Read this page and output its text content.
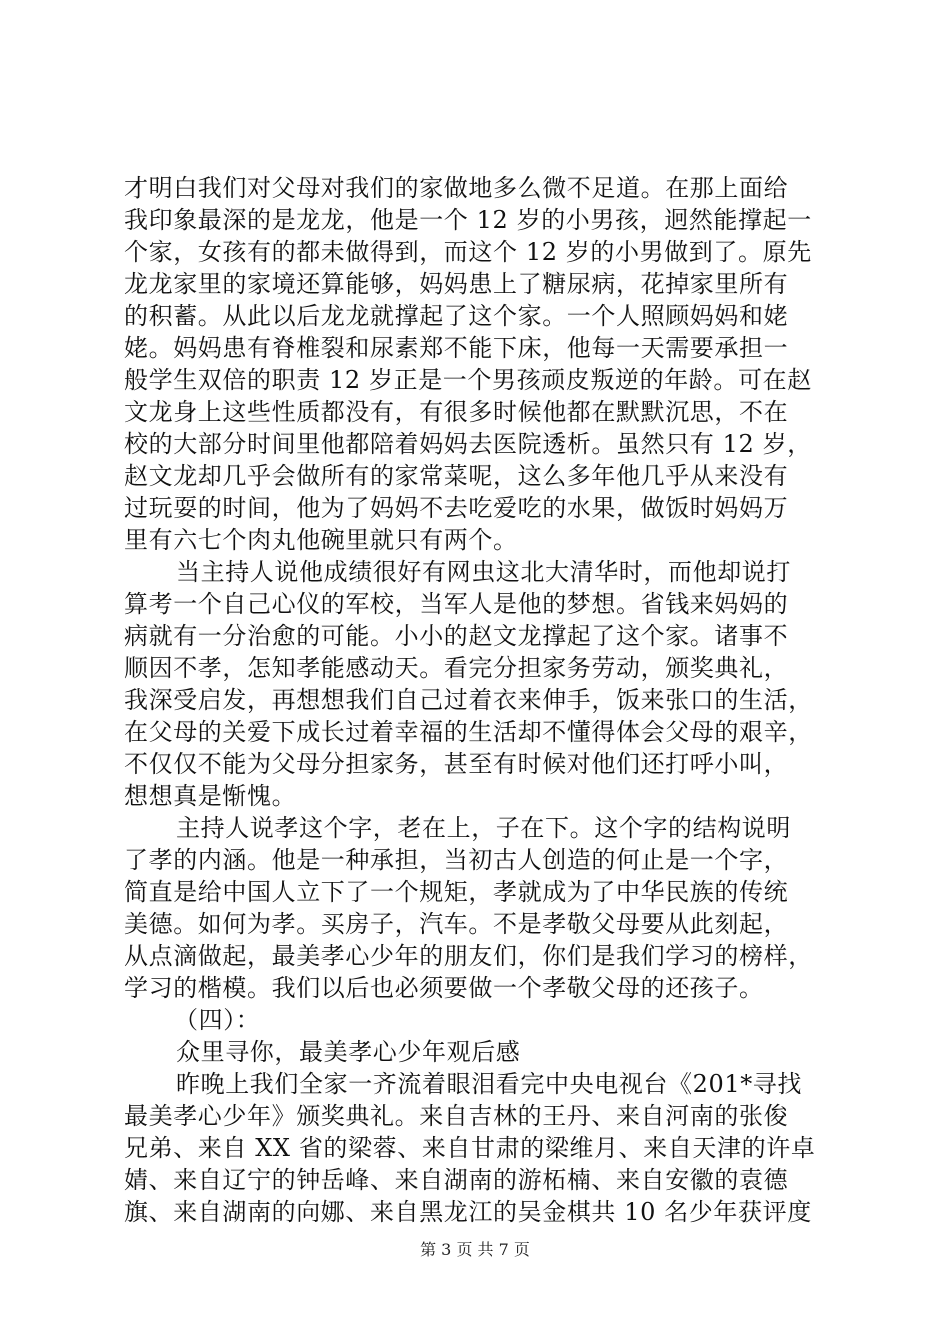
才明白我们对父母对我们的家做地多么微不足道。在那上面给
我印象最深的是龙龙，他是一个 12 岁的小男孩，迥然能撑起一
个家，女孩有的都未做得到，而这个 12 岁的小男做到了。原先
龙龙家里的家境还算能够，妈妈患上了糖尿病，花掉家里所有
的积蓄。从此以后龙龙就撑起了这个家。一个人照顾妈妈和姥
姥。妈妈患有脊椎裂和尿素郑不能下床，他每一天需要承担一
般学生双倍的职责 12 岁正是一个男孩顽皮叛逆的年龄。可在赵
文龙身上这些性质都没有，有很多时候他都在默默沉思，不在
校的大部分时间里他都陪着妈妈去医院透析。虽然只有 12 岁，
赵文龙却几乎会做所有的家常菜呢，这么多年他几乎从来没有
过玩耍的时间，他为了妈妈不去吃爱吃的水果，做饭时妈妈万
里有六七个肉丸他碗里就只有两个。
当主持人说他成绩很好有网虫这北大清华时，而他却说打
算考一个自己心仪的军校，当军人是他的梦想。省钱来妈妈的
病就有一分治愈的可能。小小的赵文龙撑起了这个家。诸事不
顺因不孝，怎知孝能感动天。看完分担家务劳动，颁奖典礼，
我深受启发，再想想我们自己过着衣来伸手，饭来张口的生活，
在父母的关爱下成长过着幸福的生活却不懂得体会父母的艰辛，
不仅仅不能为父母分担家务，甚至有时候对他们还打呼小叫，
想想真是惭愧。
主持人说孝这个字，老在上，子在下。这个字的结构说明
了孝的内涵。他是一种承担，当初古人创造的何止是一个字，
简直是给中国人立下了一个规矩，孝就成为了中华民族的传统
美德。如何为孝。买房子，汽车。不是孝敬父母要从此刻起，
从点滴做起，最美孝心少年的朋友们，你们是我们学习的榜样，
学习的楷模。我们以后也必须要做一个孝敬父母的还孩子。
（四）：
众里寻你，最美孝心少年观后感
昨晚上我们全家一齐流着眼泪看完中央电视台《201*寻找
最美孝心少年》颁奖典礼。来自吉林的王丹、来自河南的张俊
兄弟、来自 XX 省的梁蓉、来自甘肃的梁维月、来自天津的许卓
婧、来自辽宁的钟岳峰、来自湖南的游柘楠、来自安徽的袁德
旗、来自湖南的向娜、来自黑龙江的吴金棋共 10 名少年获评度
第 3 页 共 7 页
